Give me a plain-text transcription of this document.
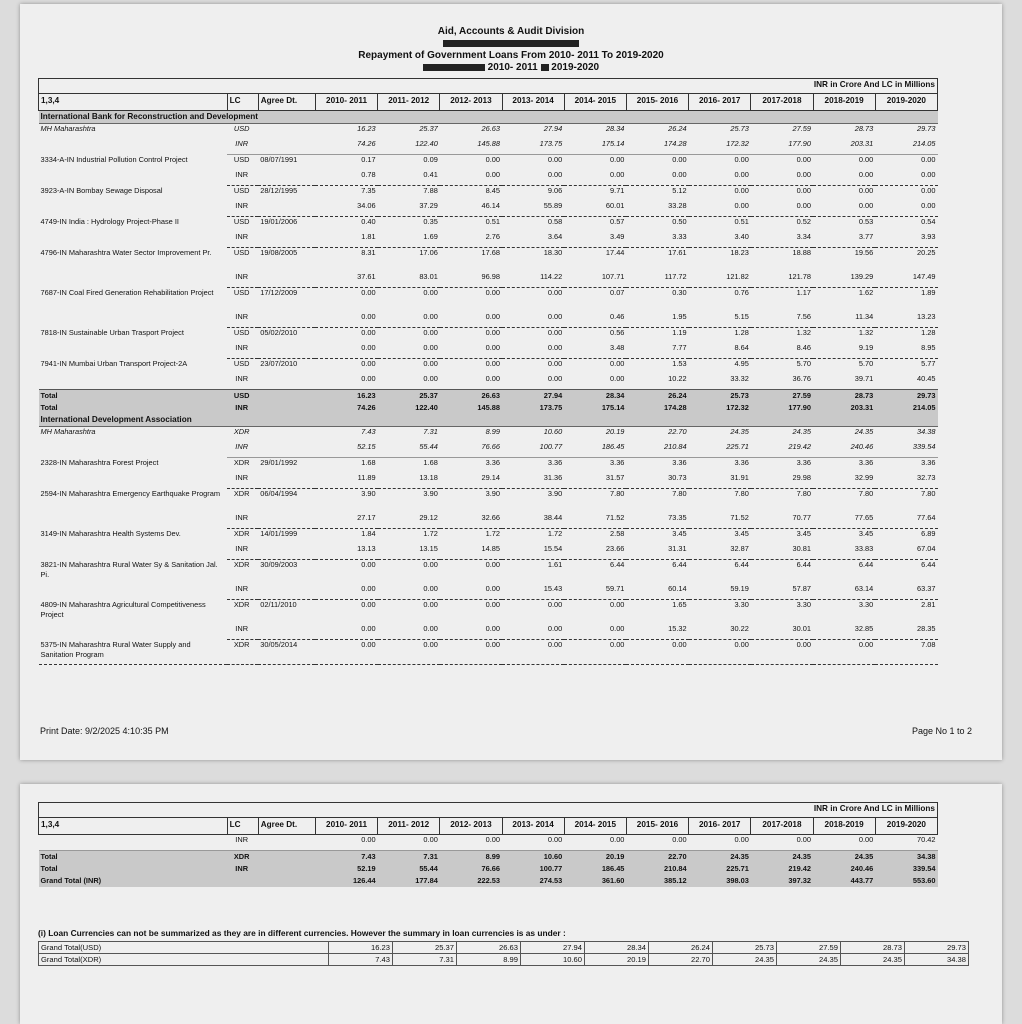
Aid, Accounts & Audit Division
Repayment of Government Loans From 2010- 2011 To 2019-2020
2010- 2011  2019-2020
INR in Crore And LC in Millions												
1,3,4	LC	Agree Dt.	2010- 2011	2011- 2012	2012- 2013	2013- 2014	2014- 2015	2015- 2016	2016- 2017	2017-2018	2018-2019	2019-2020
International Bank for Reconstruction and Development												
MH Maharashtra	USD		16.23	25.37	26.63	27.94	28.34	26.24	25.73	27.59	28.73	29.73
	INR		74.26	122.40	145.88	173.75	175.14	174.28	172.32	177.90	203.31	214.05
3334-A-IN Industrial Pollution Control Project	USD	08/07/1991	0.17	0.09	0.00	0.00	0.00	0.00	0.00	0.00	0.00	0.00
	INR		0.78	0.41	0.00	0.00	0.00	0.00	0.00	0.00	0.00	0.00
3923-A-IN Bombay Sewage Disposal	USD	28/12/1995	7.35	7.88	8.45	9.06	9.71	5.12	0.00	0.00	0.00	0.00
	INR		34.06	37.29	46.14	55.89	60.01	33.28	0.00	0.00	0.00	0.00
4749-IN India : Hydrology Project-Phase II	USD	19/01/2006	0.40	0.35	0.51	0.58	0.57	0.50	0.51	0.52	0.53	0.54
	INR		1.81	1.69	2.76	3.64	3.49	3.33	3.40	3.34	3.77	3.93
4796-IN Maharashtra Water Sector Improvement Pr.	USD	19/08/2005	8.31	17.06	17.68	18.30	17.44	17.61	18.23	18.88	19.56	20.25
	INR		37.61	83.01	96.98	114.22	107.71	117.72	121.82	121.78	139.29	147.49
7687-IN Coal Fired Generation Rehabilitation Project	USD	17/12/2009	0.00	0.00	0.00	0.00	0.07	0.30	0.76	1.17	1.62	1.89
	INR		0.00	0.00	0.00	0.00	0.46	1.95	5.15	7.56	11.34	13.23
7818-IN Sustainable Urban Trasport Project	USD	05/02/2010	0.00	0.00	0.00	0.00	0.56	1.19	1.28	1.32	1.32	1.28
	INR		0.00	0.00	0.00	0.00	3.48	7.77	8.64	8.46	9.19	8.95
7941-IN Mumbai Urban Transport Project-2A	USD	23/07/2010	0.00	0.00	0.00	0.00	0.00	1.53	4.95	5.70	5.70	5.77
	INR		0.00	0.00	0.00	0.00	0.00	10.22	33.32	36.76	39.71	40.45
Total	USD		16.23	25.37	26.63	27.94	28.34	26.24	25.73	27.59	28.73	29.73
Total	INR		74.26	122.40	145.88	173.75	175.14	174.28	172.32	177.90	203.31	214.05
International Development Association												
MH Maharashtra	XDR		7.43	7.31	8.99	10.60	20.19	22.70	24.35	24.35	24.35	34.38
	INR		52.15	55.44	76.66	100.77	186.45	210.84	225.71	219.42	240.46	339.54
2328-IN Maharashtra Forest Project	XDR	29/01/1992	1.68	1.68	3.36	3.36	3.36	3.36	3.36	3.36	3.36	3.36
	INR		11.89	13.18	29.14	31.36	31.57	30.73	31.91	29.98	32.99	32.73
2594-IN Maharashtra Emergency Earthquake Program	XDR	06/04/1994	3.90	3.90	3.90	3.90	7.80	7.80	7.80	7.80	7.80	7.80
	INR		27.17	29.12	32.66	38.44	71.52	73.35	71.52	70.77	77.65	77.64
3149-IN Maharashtra Health Systems Dev.	XDR	14/01/1999	1.84	1.72	1.72	1.72	2.58	3.45	3.45	3.45	3.45	6.89
	INR		13.13	13.15	14.85	15.54	23.66	31.31	32.87	30.81	33.83	67.04
3821-IN Maharashtra Rural Water Sy & Sanitation Jal. Pi.	XDR	30/09/2003	0.00	0.00	0.00	1.61	6.44	6.44	6.44	6.44	6.44	6.44
	INR		0.00	0.00	0.00	15.43	59.71	60.14	59.19	57.87	63.14	63.37
4809-IN Maharashtra Agricultural Competitiveness Project	XDR	02/11/2010	0.00	0.00	0.00	0.00	0.00	1.65	3.30	3.30	3.30	2.81
	INR		0.00	0.00	0.00	0.00	0.00	15.32	30.22	30.01	32.85	28.35
5375-IN Maharashtra Rural Water Supply and Sanitation Program	XDR	30/05/2014	0.00	0.00	0.00	0.00	0.00	0.00	0.00	0.00	0.00	7.08
Print Date: 9/2/2025 4:10:35 PM	Page No 1 to 2
INR in Crore And LC in Millions												
1,3,4	LC	Agree Dt.	2010- 2011	2011- 2012	2012- 2013	2013- 2014	2014- 2015	2015- 2016	2016- 2017	2017-2018	2018-2019	2019-2020
	INR		0.00	0.00	0.00	0.00	0.00	0.00	0.00	0.00	0.00	70.42
Total	XDR		7.43	7.31	8.99	10.60	20.19	22.70	24.35	24.35	24.35	34.38
Total	INR		52.19	55.44	76.66	100.77	186.45	210.84	225.71	219.42	240.46	339.54
Grand Total (INR)			126.44	177.84	222.53	274.53	361.60	385.12	398.03	397.32	443.77	553.60
(i) Loan Currencies can not be summarized as they are in different currencies. However the summary in loan currencies is as under :
Grand Total(USD)	16.23	25.37	26.63	27.94	28.34	26.24	25.73	27.59	28.73	29.73
Grand Total(XDR)	7.43	7.31	8.99	10.60	20.19	22.70	24.35	24.35	24.35	34.38
